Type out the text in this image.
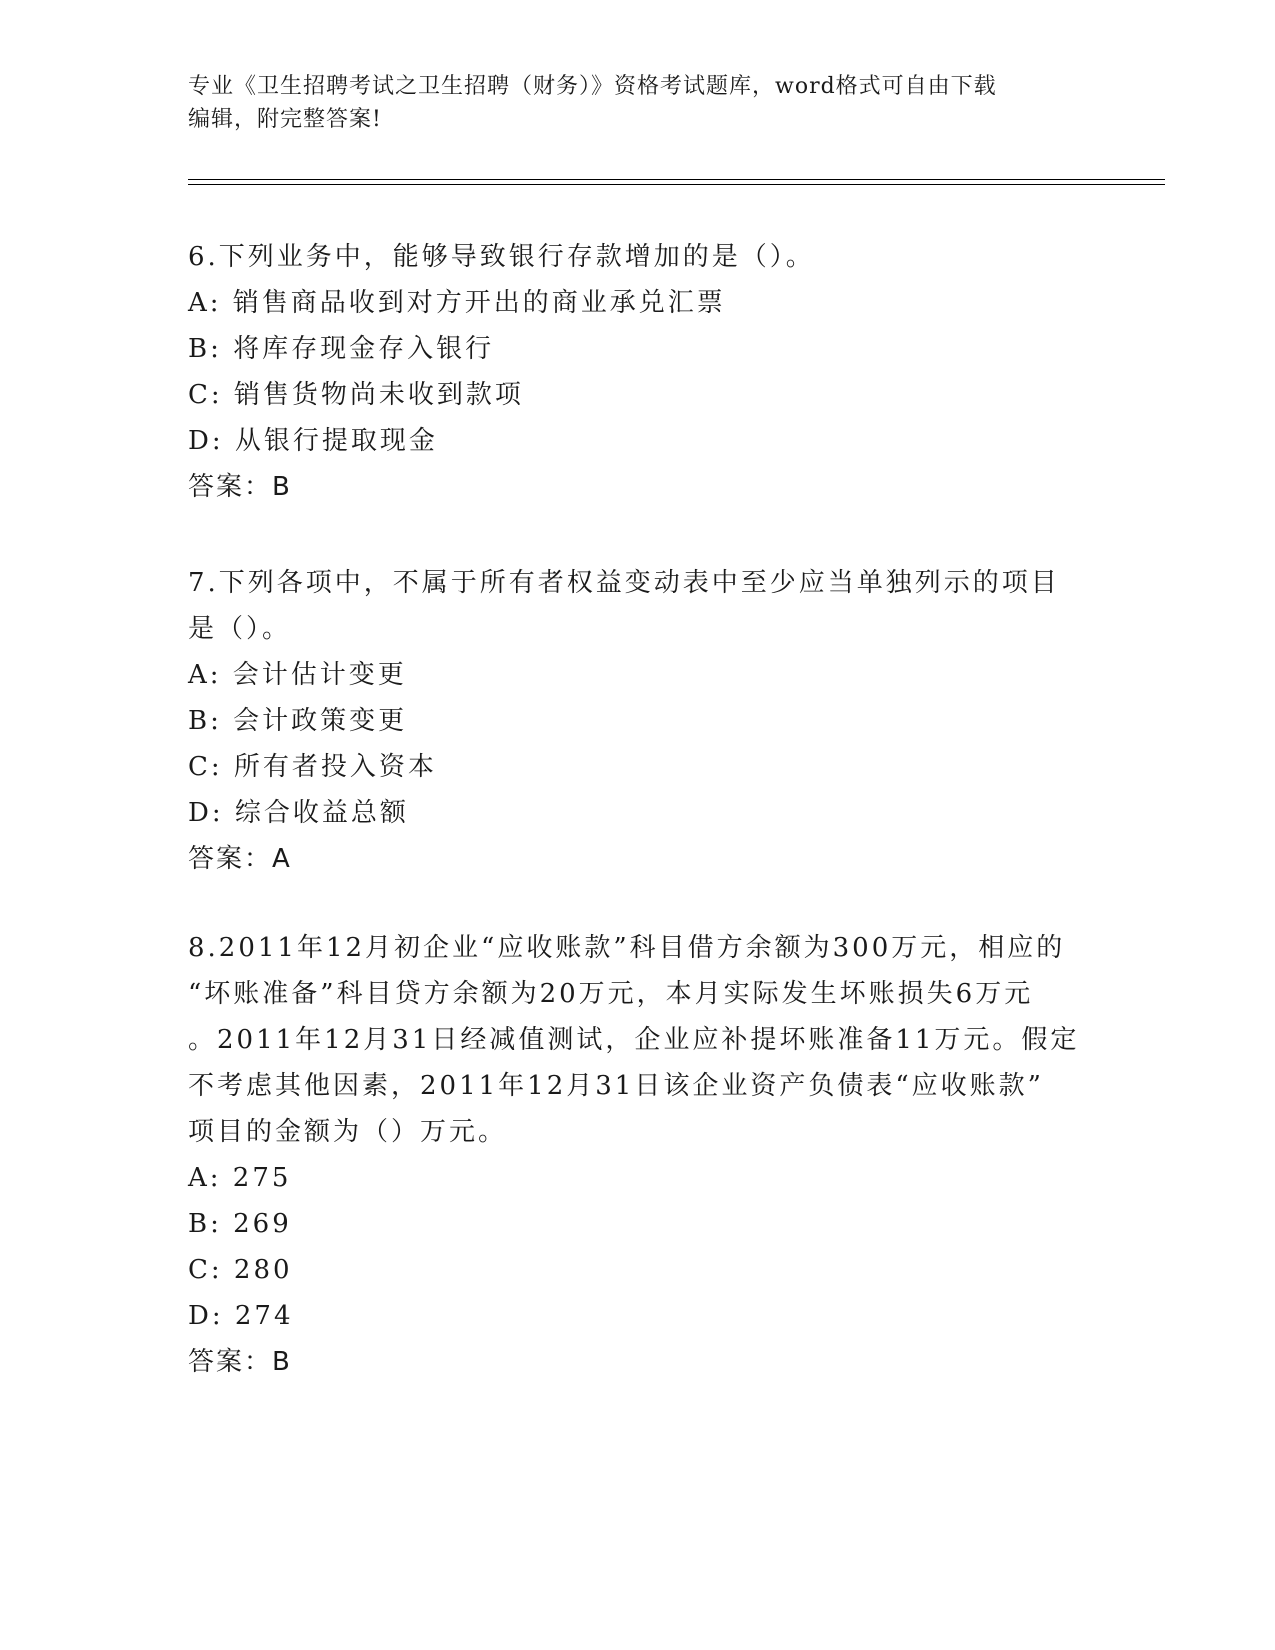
专业《卫生招聘考试之卫生招聘（财务）》资格考试题库，word格式可自由下载
编辑，附完整答案!
6.下列业务中，能够导致银行存款增加的是（）。
A: 销售商品收到对方开出的商业承兑汇票
B: 将库存现金存入银行
C: 销售货物尚未收到款项
D: 从银行提取现金
答案：B
7.下列各项中，不属于所有者权益变动表中至少应当单独列示的项目
是（）。
A: 会计估计变更
B: 会计政策变更
C: 所有者投入资本
D: 综合收益总额
答案：A
8.2011年12月初企业“应收账款”科目借方余额为300万元，相应的
“坏账准备”科目贷方余额为20万元，本月实际发生坏账损失6万元
。2011年12月31日经减值测试，企业应补提坏账准备11万元。假定
不考虑其他因素，2011年12月31日该企业资产负债表“应收账款”
项目的金额为（）万元。
A: 275
B: 269
C: 280
D: 274
答案：B
